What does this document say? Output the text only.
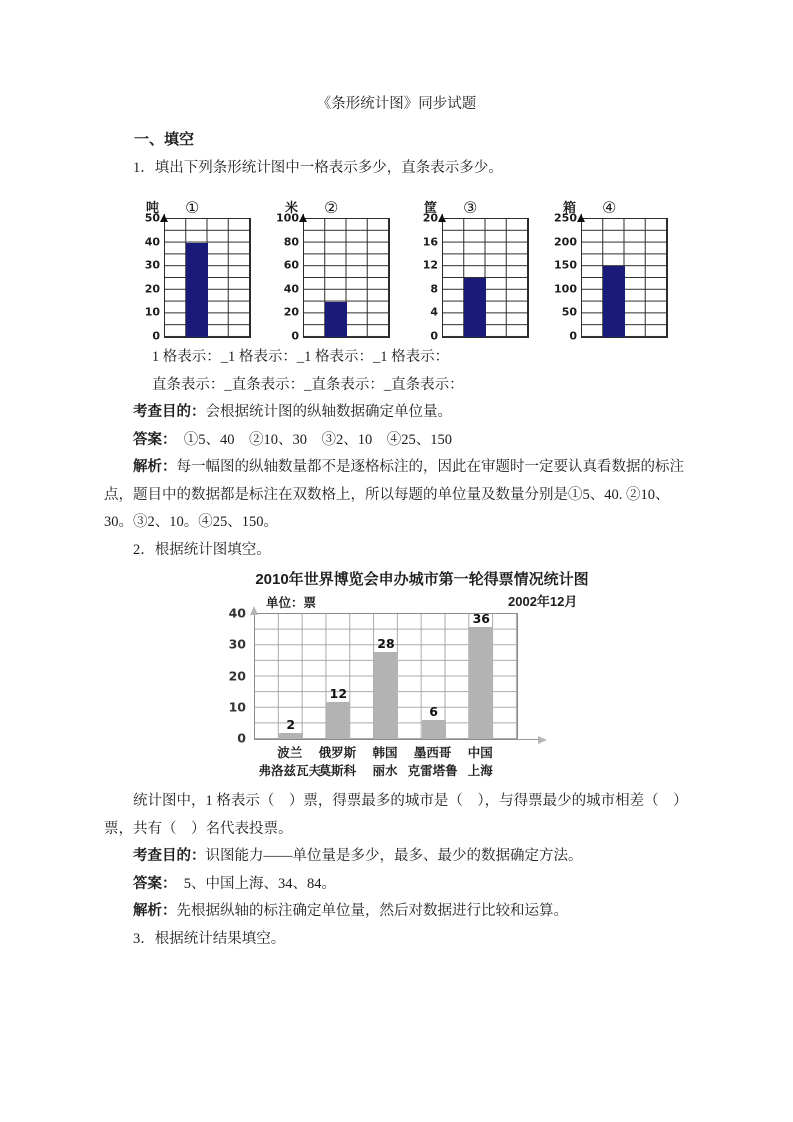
《条形统计图》同步试题

一、填空

1．填出下列条形统计图中一格表示多少，直条表示多少。

吨 ①
50
40
30
20
10
0
米 ②
100
80
60
40
20
0
筐 ③
20
16
12
8
4
0
箱 ④
250
200
150
100
50
0

1 格表示：_1 格表示：_1 格表示：_1 格表示：

直条表示：_直条表示：_直条表示：_直条表示：

考查目的：会根据统计图的纵轴数据确定单位量。

答案：　 ①5、40　②10、30　③2、10　④25、150

解析：每一幅图的纵轴数量都不是逐格标注的，因此在审题时一定要认真看数据的标注点，题目中的数据都是标注在双数格上，所以每题的单位量及数量分别是①5、40. ②10、30。③2、10。④25、150。

2．根据统计图填空。

2010年世界博览会申办城市第一轮得票情况统计图
单位：票	2002年12月
40
30
20
10
0
2
12
28
6
36
波兰
弗洛兹瓦夫
俄罗斯
莫斯科
韩国
丽水
墨西哥
克雷塔鲁
中国
上海

统计图中，1 格表示（　）票，得票最多的城市是（　），与得票最少的城市相差（　）票，共有（　）名代表投票。

考查目的：识图能力——单位量是多少，最多、最少的数据确定方法。

答案：　 5、中国上海、34、84。

解析：先根据纵轴的标注确定单位量，然后对数据进行比较和运算。

3．根据统计结果填空。
